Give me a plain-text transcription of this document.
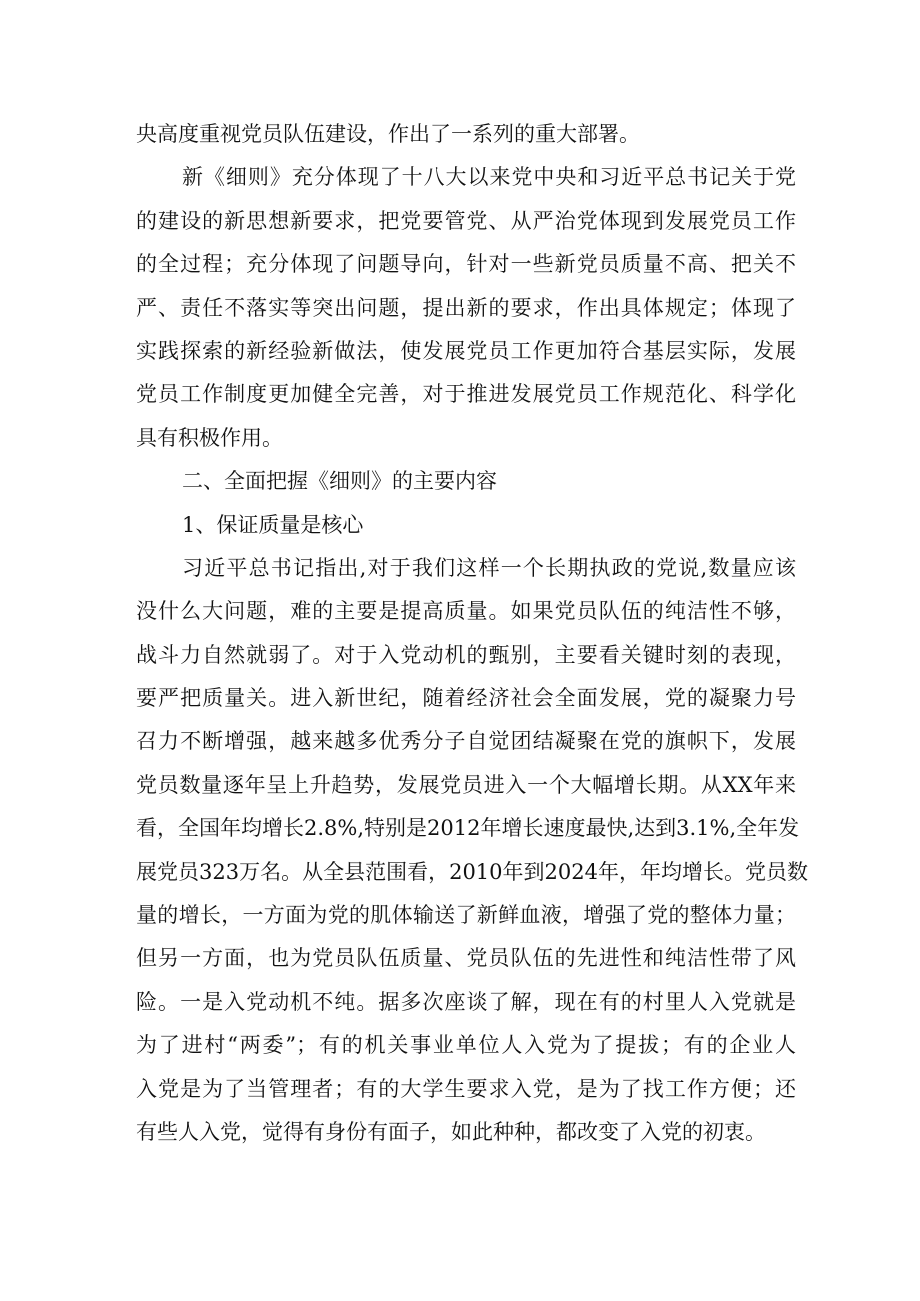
央高度重视党员队伍建设，作出了一系列的重大部署。
新《细则》充分体现了十八大以来党中央和习近平总书记关于党
的建设的新思想新要求，把党要管党、从严治党体现到发展党员工作
的全过程；充分体现了问题导向，针对一些新党员质量不高、把关不
严、责任不落实等突出问题，提出新的要求，作出具体规定；体现了
实践探索的新经验新做法，使发展党员工作更加符合基层实际，发展
党员工作制度更加健全完善，对于推进发展党员工作规范化、科学化
具有积极作用。
二、全面把握《细则》的主要内容
1、保证质量是核心
习近平总书记指出,对于我们这样一个长期执政的党说,数量应该
没什么大问题，难的主要是提高质量。如果党员队伍的纯洁性不够，
战斗力自然就弱了。对于入党动机的甄别，主要看关键时刻的表现，
要严把质量关。进入新世纪，随着经济社会全面发展，党的凝聚力号
召力不断增强，越来越多优秀分子自觉团结凝聚在党的旗帜下，发展
党员数量逐年呈上升趋势，发展党员进入一个大幅增长期。从XX年来
看，全国年均增长2.8%,特别是2012年增长速度最快,达到3.1%,全年发
展党员323万名。从全县范围看，2010年到2024年，年均增长。党员数
量的增长，一方面为党的肌体输送了新鲜血液，增强了党的整体力量；
但另一方面，也为党员队伍质量、党员队伍的先进性和纯洁性带了风
险。一是入党动机不纯。据多次座谈了解，现在有的村里人入党就是
为了进村“两委”；有的机关事业单位人入党为了提拔；有的企业人
入党是为了当管理者；有的大学生要求入党，是为了找工作方便；还
有些人入党，觉得有身份有面子，如此种种，都改变了入党的初衷。
